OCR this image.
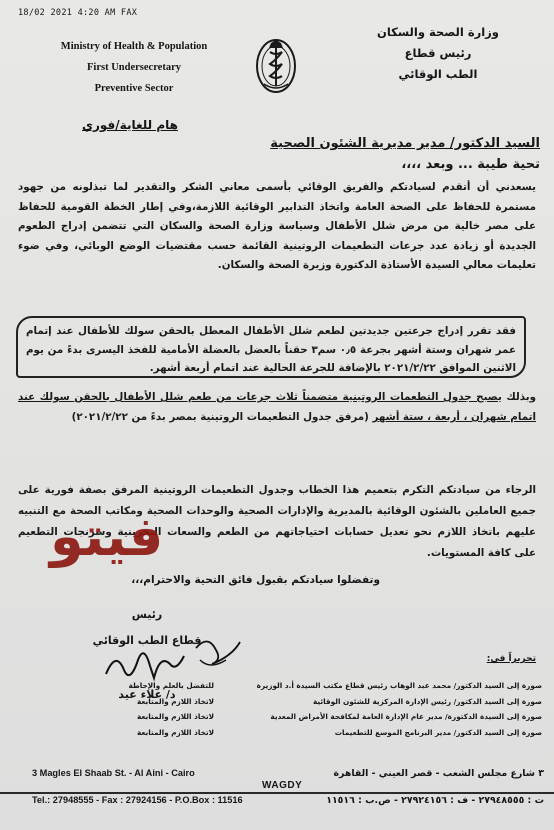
18/02 2021 4:20 AM FAX
Ministry of Health & Population
First Undersecretary
Preventive Sector
وزارة الصحة والسكان
رئيس قطاع
الطب الوقائي
هام للغاية/فوري
السيد الدكتور/ مدير مديرية الشئون الصحية
تحية طيبة ... وبعد ،،،،
يسعدني أن أتقدم لسيادتكم والفريق الوقائي بأسمى معاني الشكر والتقدير لما تبذلونه من جهود مستمرة للحفاظ على الصحة العامة واتخاذ التدابير الوقائية اللازمة،وفي إطار الخطة القومية للحفاظ على مصر خالية من مرض شلل الأطفال وسياسة وزارة الصحة والسكان التي تتضمن إدراج الطعوم الجديدة أو زيادة عدد جرعات التطعيمات الروتينية القائمة حسب مقتضيات الوضع الوبائي، وفي ضوء تعليمات معالي السيدة الأستاذة الدكتورة وزيرة الصحة والسكان.
فقد تقرر إدراج جرعتين جديدتين لطعم شلل الأطفال المعطل بالحقن سولك للأطفال عند إتمام عمر شهران وستة أشهر بجرعة ٠٫٥ سم٣ حقناً بالعضل بالعضلة الأمامية للفخذ اليسرى بدءً من يوم الاثنين الموافق ٢٠٢١/٢/٢٢ بالإضافة للجرعة الحالية عند اتمام أربعة أشهر.
وبذلك يصبح جدول التطعمات الروتينية متضمناً ثلاث جرعات من طعم شلل الأطفال بالحقن سولك عند اتمام شهران ، أربعة ، ستة أشهر (مرفق جدول التطعيمات الروتينية بمصر بدءً من ٢٠٢١/٢/٢٢)
الرجاء من سيادتكم التكرم بتعميم هذا الخطاب وجدول التطعيمات الروتينية المرفق بصفة فورية على جميع العاملين بالشئون الوقائية بالمديرية والإدارات الصحية والوحدات الصحية ومكاتب الصحة مع التنبيه عليهم باتخاذ اللازم نحو تعديل حسابات احتياجاتهم من الطعم والسعات التخزينية وسرنجات التطعيم على كافة المستويات.
فيتو
وتفضلوا سيادتكم بقبول فائق التحية والاحترام،،،
رئيس
قطاع الطب الوقائي
د/ علاء عيد
تحريراً في:
صورة إلى السيد الدكتور/ محمد عبد الوهاب رئيس قطاع مكتب السيدة أ.د الوزيرة
للتفضل بالعلم والإحاطة
صورة إلى السيد الدكتور/ رئيس الإدارة المركزية للشئون الوقائية
لاتخاذ اللازم والمتابعة
صورة إلى السيدة الدكتورة/ مدير عام الإدارة العامة لمكافحة الأمراض المعدية
لاتخاذ اللازم والمتابعة
صورة إلى السيد الدكتور/ مدير البرنامج الموسع للتطعيمات
لاتخاذ اللازم والمتابعة
3 Magles El Shaab St. - Al Aini - Cairo
Tel.: 27948555 - Fax : 27924156 - P.O.Box : 11516
WAGDY
٣ شارع مجلس الشعب - قصر العيني - القاهرة
ت : ٢٧٩٤٨٥٥٥ - ف : ٢٧٩٢٤١٥٦ - ص.ب : ١١٥١٦
